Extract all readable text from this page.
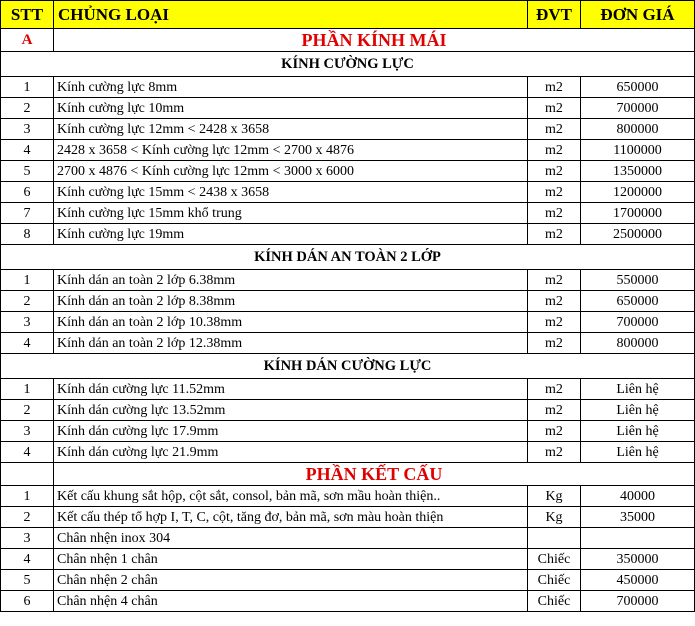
STT	CHỦNG LOẠI	ĐVT	ĐƠN GIÁ
A	PHẦN KÍNH MÁI		
KÍNH CƯỜNG LỰC			
1	Kính cường lực 8mm	m2	650000
2	Kính cường lực 10mm	m2	700000
3	Kính cường lực 12mm < 2428 x 3658	m2	800000
4	2428 x 3658 < Kính cường lực 12mm < 2700 x 4876	m2	1100000
5	2700 x 4876 < Kính cường lực 12mm < 3000 x 6000	m2	1350000
6	Kính cường lực 15mm < 2438 x 3658	m2	1200000
7	Kính cường lực 15mm khổ trung	m2	1700000
8	Kính cường lực 19mm	m2	2500000
KÍNH DÁN AN TOÀN 2 LỚP			
1	Kính dán an toàn 2 lớp 6.38mm	m2	550000
2	Kính dán an toàn 2 lớp 8.38mm	m2	650000
3	Kính dán an toàn 2 lớp 10.38mm	m2	700000
4	Kính dán an toàn 2 lớp 12.38mm	m2	800000
KÍNH DÁN CƯỜNG LỰC			
1	Kính dán cường lực 11.52mm	m2	Liên hệ
2	Kính dán cường lực 13.52mm	m2	Liên hệ
3	Kính dán cường lực 17.9mm	m2	Liên hệ
4	Kính dán cường lực 21.9mm	m2	Liên hệ
	PHẦN KẾT CẤU		
1	Kết cấu khung sắt hộp, cột sắt, consol, bản mã, sơn mầu hoàn thiện..	Kg	40000
2	Kết cấu thép tổ hợp I, T, C, cột, tăng đơ, bản mã, sơn màu hoàn thiện	Kg	35000
3	Chân nhện inox 304		
4	Chân nhện 1 chân	Chiếc	350000
5	Chân nhện 2 chân	Chiếc	450000
6	Chân nhện 4 chân	Chiếc	700000
